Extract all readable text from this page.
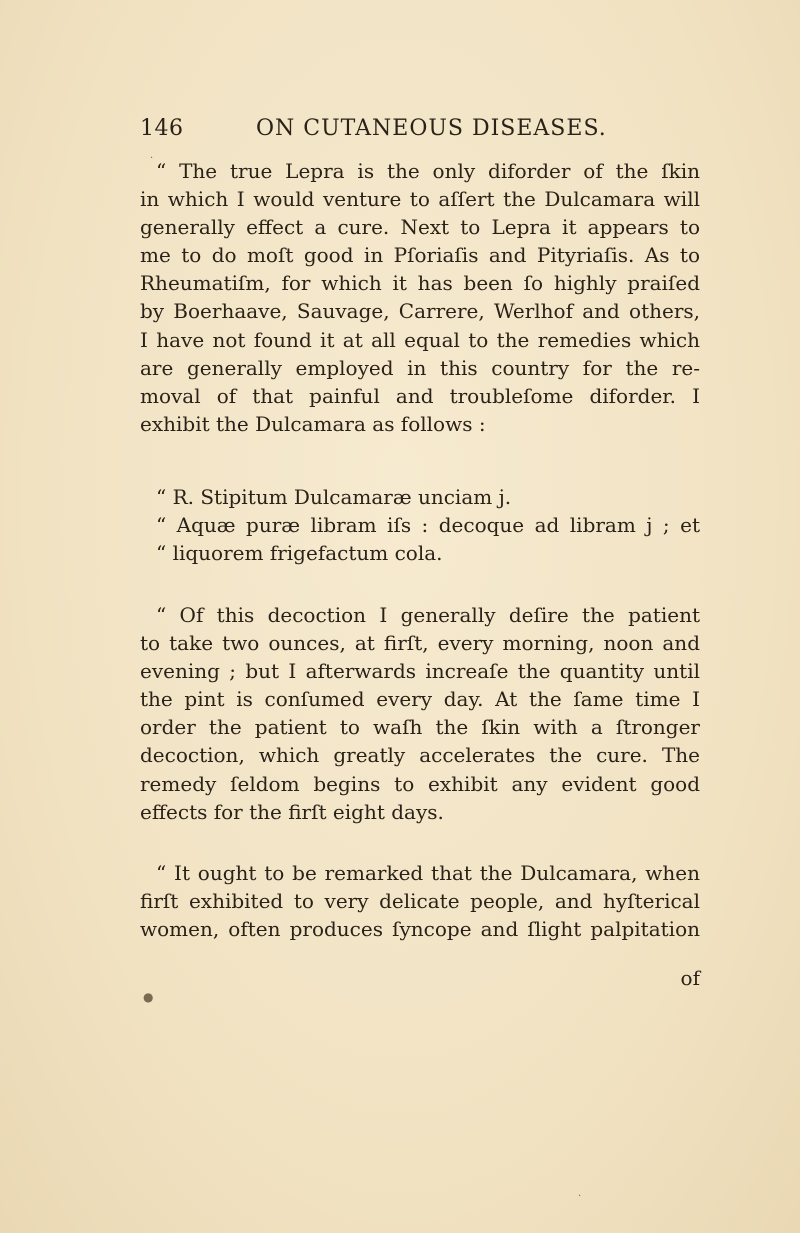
146	ON CUTANEOUS DISEASES.
“ The true Lepra is the only diforder of the ſkin
in which I would venture to aſſert the Dulcamara will
generally effect a cure. Next to Lepra it appears to
me to do moſt good in Pſoriaſis and Pityriaſis. As to
Rheumatiſm, for which it has been ſo highly praiſed
by Boerhaave, Sauvage, Carrere, Werlhof and others,
I have not found it at all equal to the remedies which
are generally employed in this country for the re-
moval of that painful and troubleſome diforder. I
exhibit the Dulcamara as follows :
“ R. Stipitum Dulcamaræ unciam j.
“ Aquæ puræ libram iſs : decoque ad libram j ; et
“ liquorem frigefactum cola.
“ Of this decoction I generally deſire the patient
to take two ounces, at firſt, every morning, noon and
evening ; but I afterwards increaſe the quantity until
the pint is conſumed every day. At the ſame time I
order the patient to waſh the ſkin with a ſtronger
decoction, which greatly accelerates the cure. The
remedy ſeldom begins to exhibit any evident good
effects for the firſt eight days.
“ It ought to be remarked that the Dulcamara, when
firſt exhibited to very delicate people, and hyſterical
women, often produces ſyncope and ſlight palpitation
of
●
·
·
